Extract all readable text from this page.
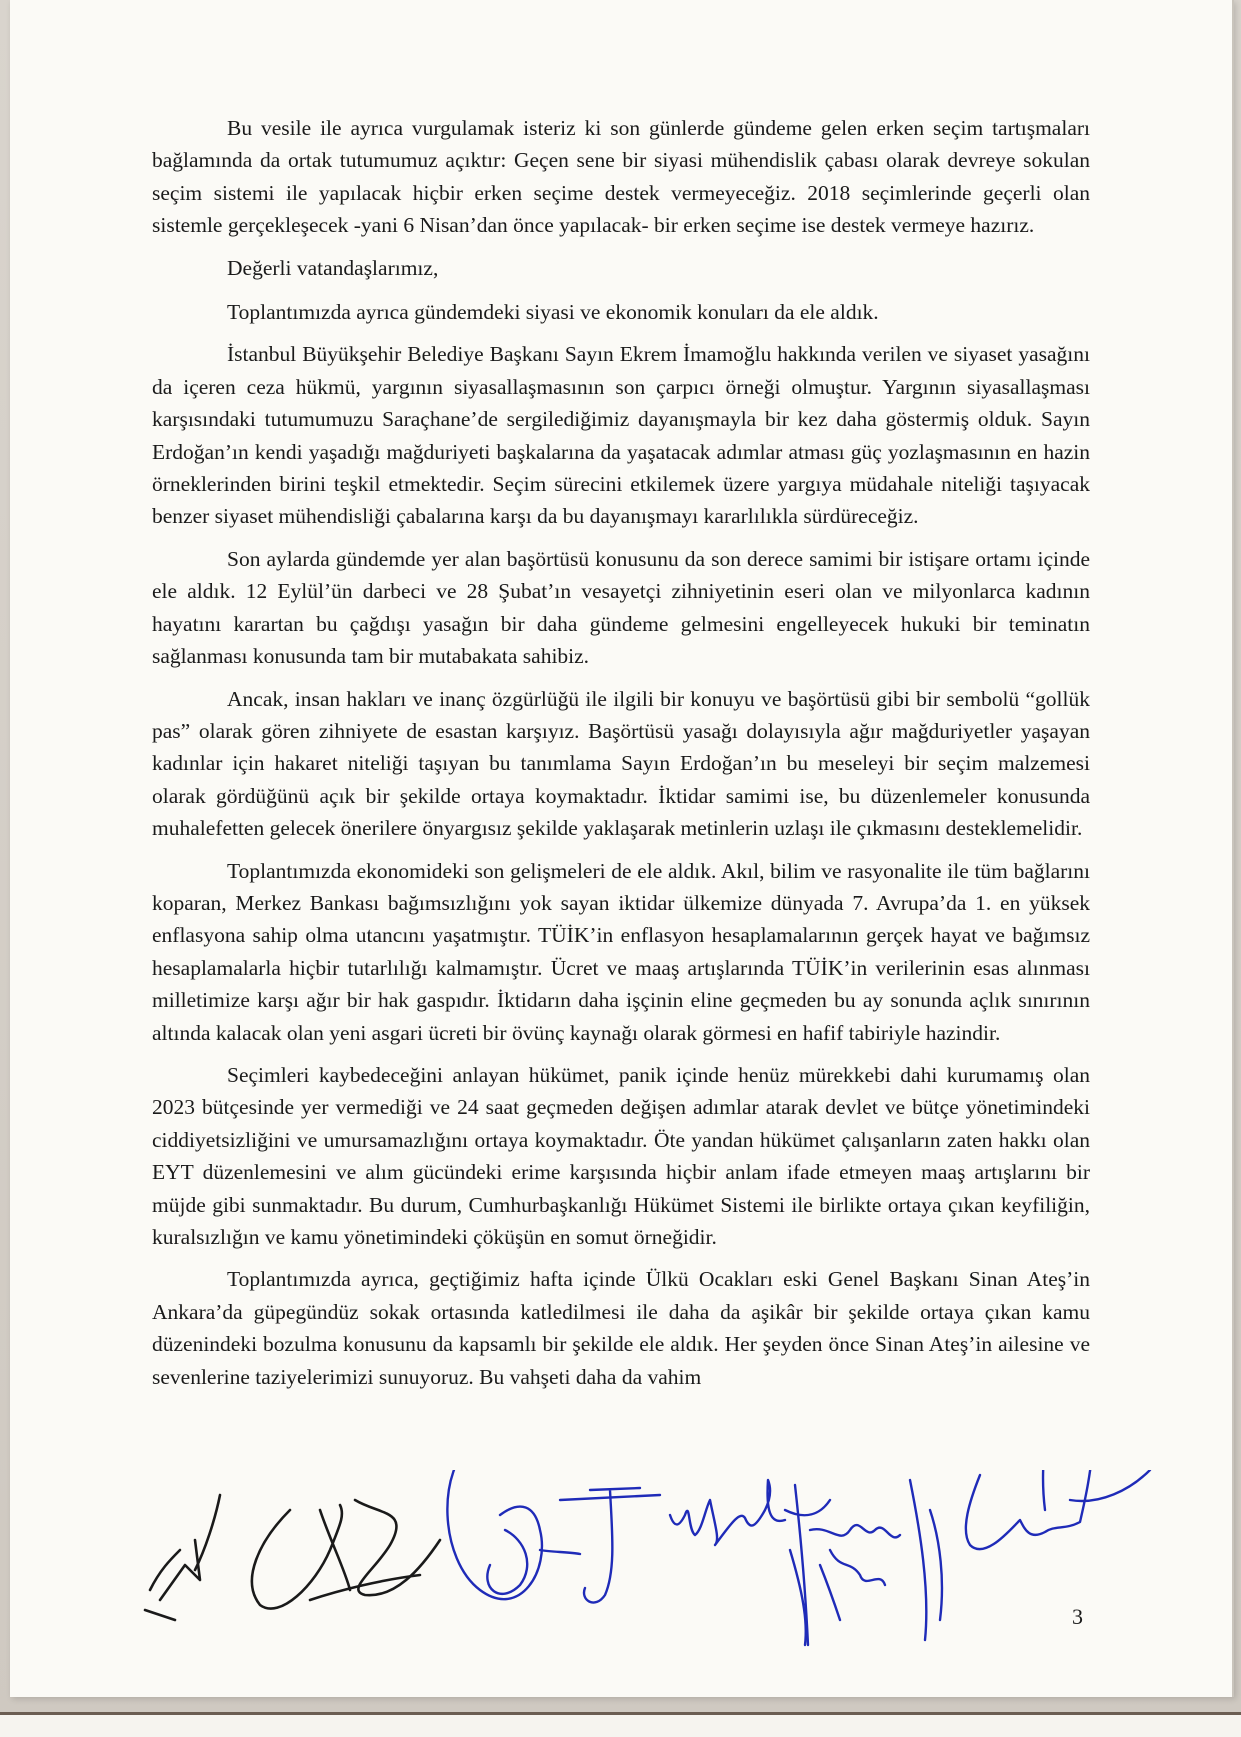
Bu vesile ile ayrıca vurgulamak isteriz ki son günlerde gündeme gelen erken seçim tartışmaları bağlamında da ortak tutumumuz açıktır: Geçen sene bir siyasi mühendislik çabası olarak devreye sokulan seçim sistemi ile yapılacak hiçbir erken seçime destek vermeyeceğiz. 2018 seçimlerinde geçerli olan sistemle gerçekleşecek -yani 6 Nisan’dan önce yapılacak- bir erken seçime ise destek vermeye hazırız.

Değerli vatandaşlarımız,

Toplantımızda ayrıca gündemdeki siyasi ve ekonomik konuları da ele aldık.

İstanbul Büyükşehir Belediye Başkanı Sayın Ekrem İmamoğlu hakkında verilen ve siyaset yasağını da içeren ceza hükmü, yargının siyasallaşmasının son çarpıcı örneği olmuştur. Yargının siyasallaşması karşısındaki tutumumuzu Saraçhane’de sergilediğimiz dayanışmayla bir kez daha göstermiş olduk. Sayın Erdoğan’ın kendi yaşadığı mağduriyeti başkalarına da yaşatacak adımlar atması güç yozlaşmasının en hazin örneklerinden birini teşkil etmektedir. Seçim sürecini etkilemek üzere yargıya müdahale niteliği taşıyacak benzer siyaset mühendisliği çabalarına karşı da bu dayanışmayı kararlılıkla sürdüreceğiz.

Son aylarda gündemde yer alan başörtüsü konusunu da son derece samimi bir istişare ortamı içinde ele aldık. 12 Eylül’ün darbeci ve 28 Şubat’ın vesayetçi zihniyetinin eseri olan ve milyonlarca kadının hayatını karartan bu çağdışı yasağın bir daha gündeme gelmesini engelleyecek hukuki bir teminatın sağlanması konusunda tam bir mutabakata sahibiz.

Ancak, insan hakları ve inanç özgürlüğü ile ilgili bir konuyu ve başörtüsü gibi bir sembolü “gollük pas” olarak gören zihniyete de esastan karşıyız. Başörtüsü yasağı dolayısıyla ağır mağduriyetler yaşayan kadınlar için hakaret niteliği taşıyan bu tanımlama Sayın Erdoğan’ın bu meseleyi bir seçim malzemesi olarak gördüğünü açık bir şekilde ortaya koymaktadır. İktidar samimi ise, bu düzenlemeler konusunda muhalefetten gelecek önerilere önyargısız şekilde yaklaşarak metinlerin uzlaşı ile çıkmasını desteklemelidir.

Toplantımızda ekonomideki son gelişmeleri de ele aldık. Akıl, bilim ve rasyonalite ile tüm bağlarını koparan, Merkez Bankası bağımsızlığını yok sayan iktidar ülkemize dünyada 7. Avrupa’da 1. en yüksek enflasyona sahip olma utancını yaşatmıştır. TÜİK’in enflasyon hesaplamalarının gerçek hayat ve bağımsız hesaplamalarla hiçbir tutarlılığı kalmamıştır. Ücret ve maaş artışlarında TÜİK’in verilerinin esas alınması milletimize karşı ağır bir hak gaspıdır. İktidarın daha işçinin eline geçmeden bu ay sonunda açlık sınırının altında kalacak olan yeni asgari ücreti bir övünç kaynağı olarak görmesi en hafif tabiriyle hazindir.

Seçimleri kaybedeceğini anlayan hükümet, panik içinde henüz mürekkebi dahi kurumamış olan 2023 bütçesinde yer vermediği ve 24 saat geçmeden değişen adımlar atarak devlet ve bütçe yönetimindeki ciddiyetsizliğini ve umursamazlığını ortaya koymaktadır. Öte yandan hükümet çalışanların zaten hakkı olan EYT düzenlemesini ve alım gücündeki erime karşısında hiçbir anlam ifade etmeyen maaş artışlarını bir müjde gibi sunmaktadır. Bu durum, Cumhurbaşkanlığı Hükümet Sistemi ile birlikte ortaya çıkan keyfiliğin, kuralsızlığın ve kamu yönetimindeki çöküşün en somut örneğidir.

Toplantımızda ayrıca, geçtiğimiz hafta içinde Ülkü Ocakları eski Genel Başkanı Sinan Ateş’in Ankara’da güpegündüz sokak ortasında katledilmesi ile daha da aşikâr bir şekilde ortaya çıkan kamu düzenindeki bozulma konusunu da kapsamlı bir şekilde ele aldık. Her şeyden önce Sinan Ateş’in ailesine ve sevenlerine taziyelerimizi sunuyoruz. Bu vahşeti daha da vahim

3
